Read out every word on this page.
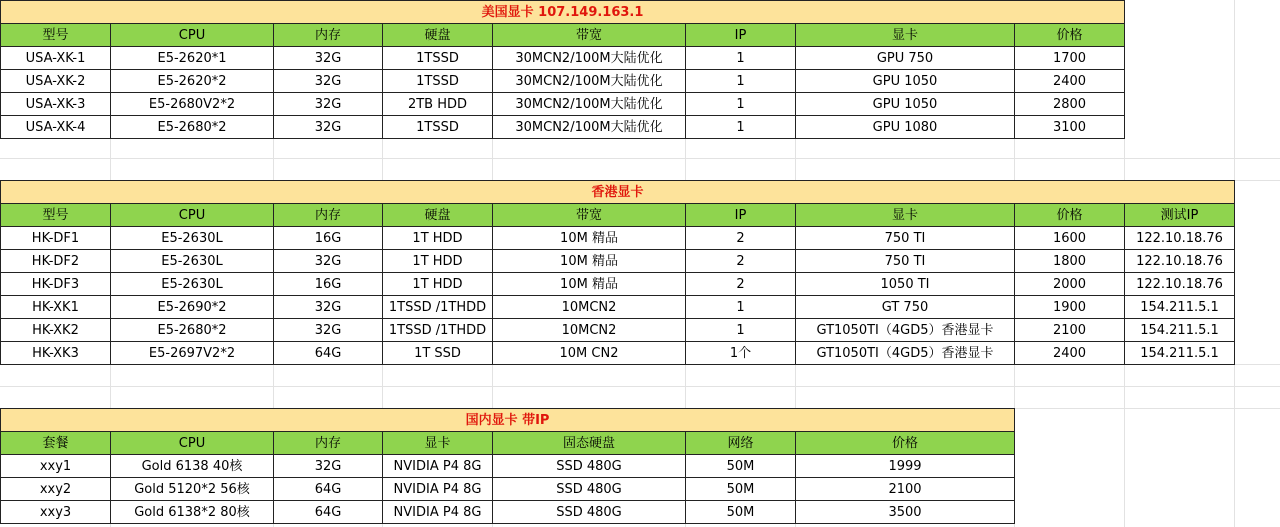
美国显卡 107.149.163.1							
型号	CPU	内存	硬盘	带宽	IP	显卡	价格
USA-XK-1	E5-2620*1	32G	1TSSD	30MCN2/100M大陆优化	1	GPU 750	1700
USA-XK-2	E5-2620*2	32G	1TSSD	30MCN2/100M大陆优化	1	GPU 1050	2400
USA-XK-3	E5-2680V2*2	32G	2TB HDD	30MCN2/100M大陆优化	1	GPU 1050	2800
USA-XK-4	E5-2680*2	32G	1TSSD	30MCN2/100M大陆优化	1	GPU 1080	3100
香港显卡								
型号	CPU	内存	硬盘	带宽	IP	显卡	价格	测试IP
HK-DF1	E5-2630L	16G	1T HDD	10M 精品	2	750 TI	1600	122.10.18.76
HK-DF2	E5-2630L	32G	1T HDD	10M 精品	2	750 TI	1800	122.10.18.76
HK-DF3	E5-2630L	16G	1T HDD	10M 精品	2	1050 TI	2000	122.10.18.76
HK-XK1	E5-2690*2	32G	1TSSD /1THDD	10MCN2	1	GT 750	1900	154.211.5.1
HK-XK2	E5-2680*2	32G	1TSSD /1THDD	10MCN2	1	GT1050TI（4GD5）香港显卡	2100	154.211.5.1
HK-XK3	E5-2697V2*2	64G	1T SSD	10M CN2	1个	GT1050TI（4GD5）香港显卡	2400	154.211.5.1
国内显卡 带IP						
套餐	CPU	内存	显卡	固态硬盘	网络	价格
xxy1	Gold 6138 40核	32G	NVIDIA P4 8G	SSD 480G	50M	1999
xxy2	Gold 5120*2 56核	64G	NVIDIA P4 8G	SSD 480G	50M	2100
xxy3	Gold 6138*2 80核	64G	NVIDIA P4 8G	SSD 480G	50M	3500
